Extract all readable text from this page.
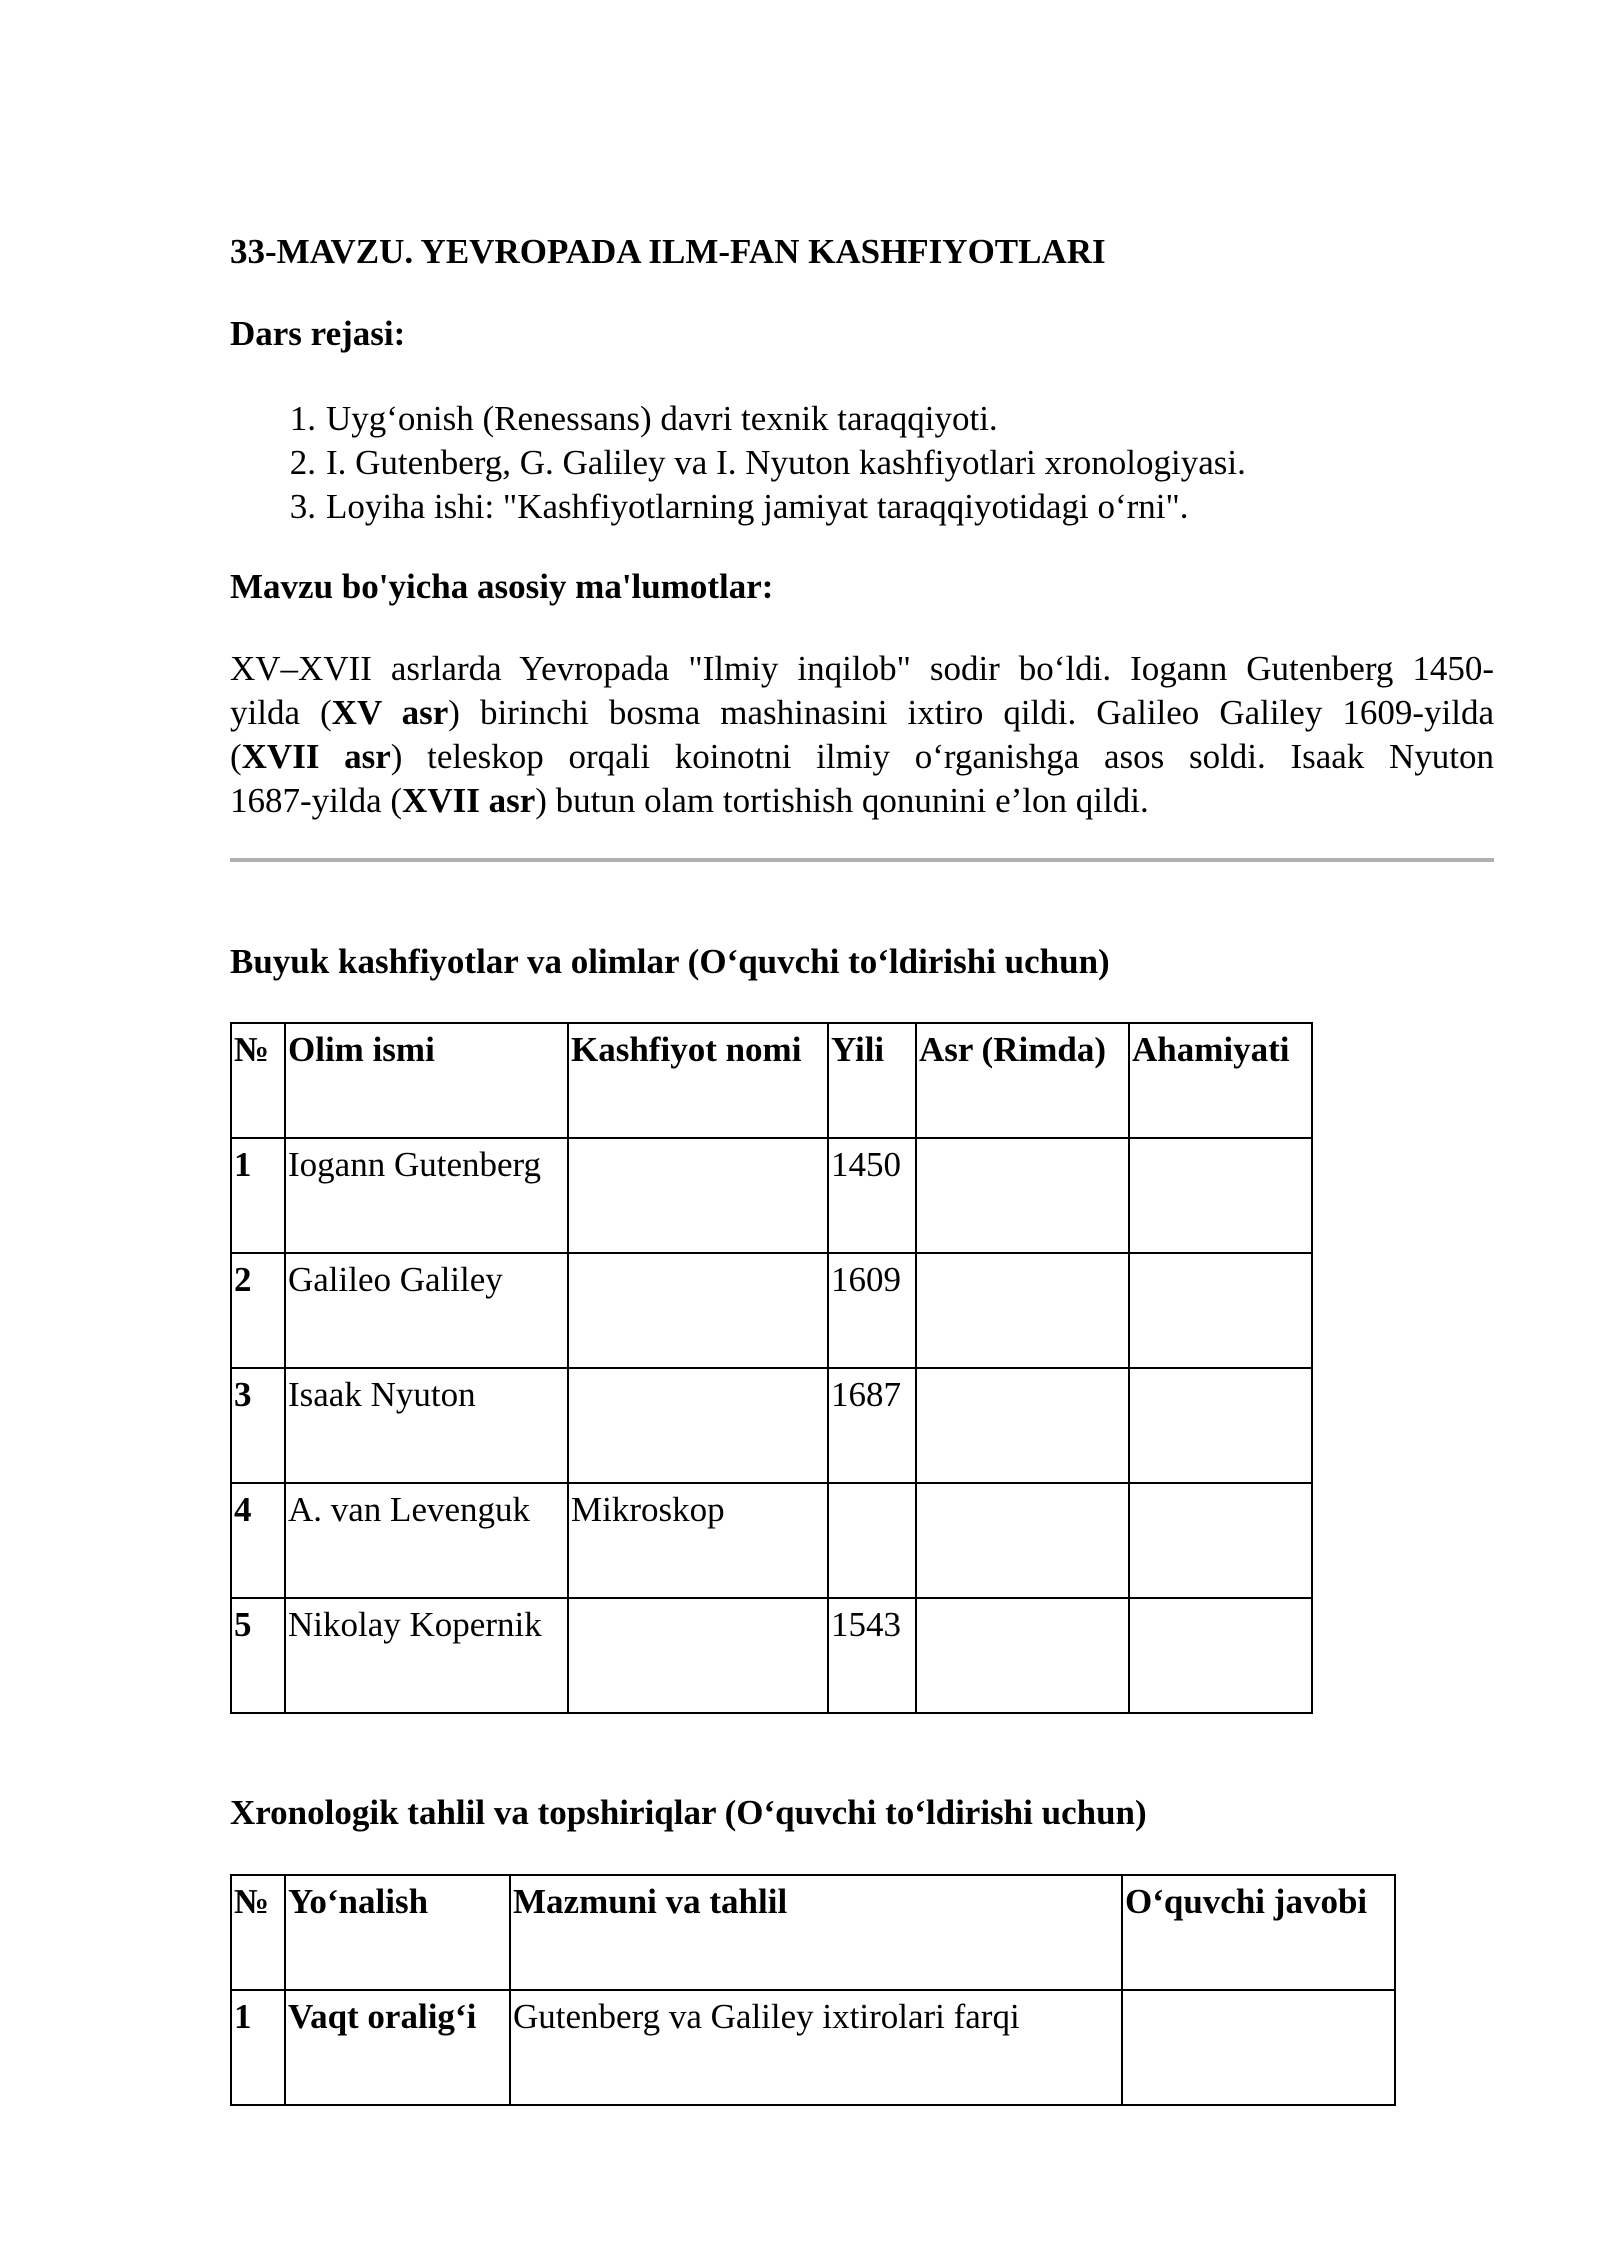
33-MAVZU. YEVROPADA ILM-FAN KASHFIYOTLARI
Dars rejasi:
1. Uyg‘onish (Renessans) davri texnik taraqqiyoti.
2. I. Gutenberg, G. Galiley va I. Nyuton kashfiyotlari xronologiyasi.
3. Loyiha ishi: "Kashfiyotlarning jamiyat taraqqiyotidagi o‘rni".
Mavzu bo'yicha asosiy ma'lumotlar:
XV–XVII asrlarda Yevropada "Ilmiy inqilob" sodir bo‘ldi. Iogann Gutenberg 1450-
yilda (XV asr) birinchi bosma mashinasini ixtiro qildi. Galileo Galiley 1609-yilda
(XVII asr) teleskop orqali koinotni ilmiy o‘rganishga asos soldi. Isaak Nyuton
1687-yilda (XVII asr) butun olam tortishish qonunini e’lon qildi.
Buyuk kashfiyotlar va olimlar (O‘quvchi to‘ldirishi uchun)
№	Olim ismi	Kashfiyot nomi	Yili	Asr (Rimda)	Ahamiyati
1	Iogann Gutenberg		1450		
2	Galileo Galiley		1609		
3	Isaak Nyuton		1687		
4	A. van Levenguk	Mikroskop			
5	Nikolay Kopernik		1543		
Xronologik tahlil va topshiriqlar (O‘quvchi to‘ldirishi uchun)
№	Yo‘nalish	Mazmuni va tahlil	O‘quvchi javobi
1	Vaqt oralig‘i	Gutenberg va Galiley ixtirolari farqi	
